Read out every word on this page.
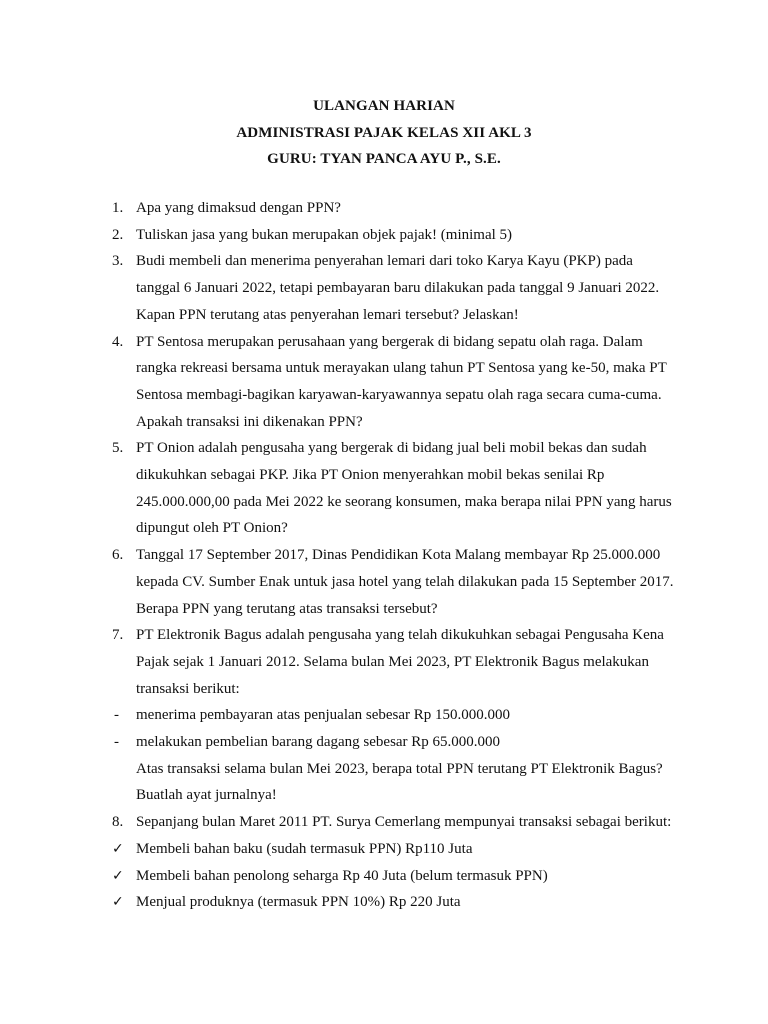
ULANGAN HARIAN
ADMINISTRASI PAJAK KELAS XII AKL 3
GURU: TYAN PANCA AYU P., S.E.
1. Apa yang dimaksud dengan PPN?
2. Tuliskan jasa yang bukan merupakan objek pajak! (minimal 5)
3. Budi membeli dan menerima penyerahan lemari dari toko Karya Kayu (PKP) pada
tanggal 6 Januari 2022, tetapi pembayaran baru dilakukan pada tanggal 9 Januari 2022.
Kapan PPN terutang atas penyerahan lemari tersebut? Jelaskan!
4. PT Sentosa merupakan perusahaan yang bergerak di bidang sepatu olah raga. Dalam
rangka rekreasi bersama untuk merayakan ulang tahun PT Sentosa yang ke-50, maka PT
Sentosa membagi-bagikan karyawan-karyawannya sepatu olah raga secara cuma-cuma.
Apakah transaksi ini dikenakan PPN?
5. PT Onion adalah pengusaha yang bergerak di bidang jual beli mobil bekas dan sudah
dikukuhkan sebagai PKP. Jika PT Onion menyerahkan mobil bekas senilai Rp
245.000.000,00 pada Mei 2022 ke seorang konsumen, maka berapa nilai PPN yang harus
dipungut oleh PT Onion?
6. Tanggal 17 September 2017, Dinas Pendidikan Kota Malang membayar Rp 25.000.000
kepada CV. Sumber Enak untuk jasa hotel yang telah dilakukan pada 15 September 2017.
Berapa PPN yang terutang atas transaksi tersebut?
7. PT Elektronik Bagus adalah pengusaha yang telah dikukuhkan sebagai Pengusaha Kena
Pajak sejak 1 Januari 2012. Selama bulan Mei 2023, PT Elektronik Bagus melakukan
transaksi berikut:
-	menerima pembayaran atas penjualan sebesar Rp 150.000.000
-	melakukan pembelian barang dagang sebesar Rp 65.000.000
Atas transaksi selama bulan Mei 2023, berapa total PPN terutang PT Elektronik Bagus?
Buatlah ayat jurnalnya!
8. Sepanjang bulan Maret 2011 PT. Surya Cemerlang mempunyai transaksi sebagai berikut:
✓ Membeli bahan baku (sudah termasuk PPN) Rp110 Juta
✓ Membeli bahan penolong seharga Rp 40 Juta (belum termasuk PPN)
✓ Menjual produknya (termasuk PPN 10%) Rp 220 Juta
